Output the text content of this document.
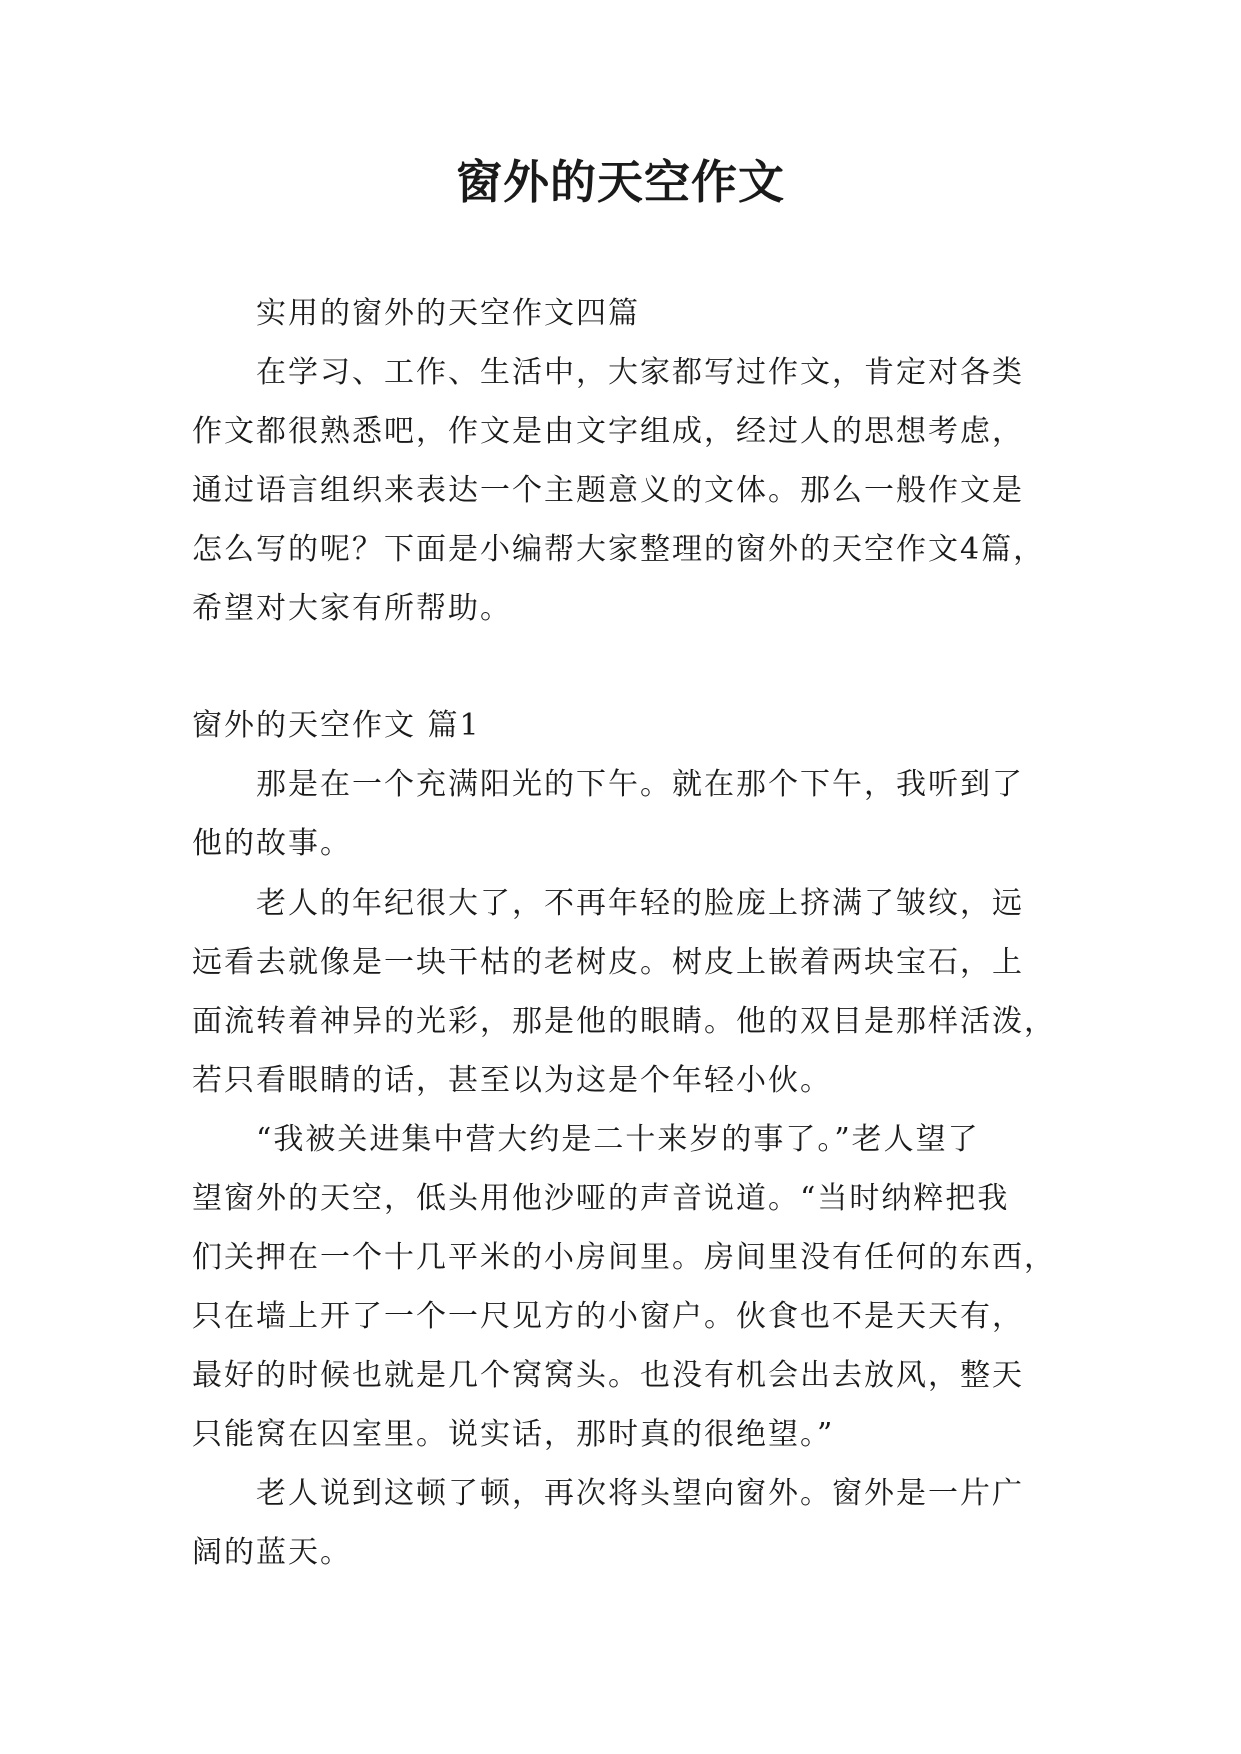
窗外的天空作文
实用的窗外的天空作文四篇
在学习、工作、生活中，大家都写过作文，肯定对各类
作文都很熟悉吧，作文是由文字组成，经过人的思想考虑，
通过语言组织来表达一个主题意义的文体。那么一般作文是
怎么写的呢？下面是小编帮大家整理的窗外的天空作文4篇，
希望对大家有所帮助。
窗外的天空作文 篇1
那是在一个充满阳光的下午。就在那个下午，我听到了
他的故事。
老人的年纪很大了，不再年轻的脸庞上挤满了皱纹，远
远看去就像是一块干枯的老树皮。树皮上嵌着两块宝石，上
面流转着神异的光彩，那是他的眼睛。他的双目是那样活泼，
若只看眼睛的话，甚至以为这是个年轻小伙。
“我被关进集中营大约是二十来岁的事了。”老人望了
望窗外的天空，低头用他沙哑的声音说道。“当时纳粹把我
们关押在一个十几平米的小房间里。房间里没有任何的东西，
只在墙上开了一个一尺见方的小窗户。伙食也不是天天有，
最好的时候也就是几个窝窝头。也没有机会出去放风，整天
只能窝在囚室里。说实话，那时真的很绝望。”
老人说到这顿了顿，再次将头望向窗外。窗外是一片广
阔的蓝天。
